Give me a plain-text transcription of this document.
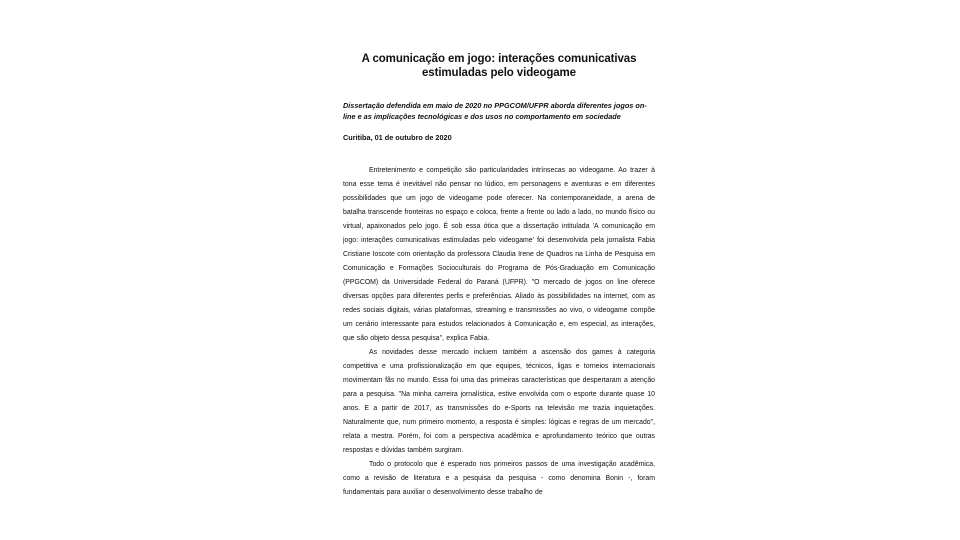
A comunicação em jogo: interações comunicativas estimuladas pelo videogame

Dissertação defendida em maio de 2020 no PPGCOM/UFPR aborda diferentes jogos on-line e as implicações tecnológicas e dos usos no comportamento em sociedade

Curitiba, 01 de outubro de 2020

Entretenimento e competição são particularidades intrínsecas ao videogame. Ao trazer à tona esse tema é inevitável não pensar no lúdico, em personagens e aventuras e em diferentes possibilidades que um jogo de videogame pode oferecer. Na contemporaneidade, a arena de batalha transcende fronteiras no espaço e coloca, frente a frente ou lado a lado, no mundo físico ou virtual, apaixonados pelo jogo. É sob essa ótica que a dissertação intitulada 'A comunicação em jogo: interações comunicativas estimuladas pelo videogame' foi desenvolvida pela jornalista Fabia Cristiane Ioscote com orientação da professora Claudia Irene de Quadros na Linha de Pesquisa em Comunicação e Formações Socioculturais do Programa de Pós-Graduação em Comunicação (PPGCOM) da Universidade Federal do Paraná (UFPR). "O mercado de jogos on line oferece diversas opções para diferentes perfis e preferências. Aliado às possibilidades na internet, com as redes sociais digitais, várias plataformas, streaming e transmissões ao vivo, o videogame compõe um cenário interessante para estudos relacionados à Comunicação e, em especial, as interações, que são objeto dessa pesquisa", explica Fabia.

As novidades desse mercado incluem também a ascensão dos games à categoria competitiva e uma profissionalização em que equipes, técnicos, ligas e torneios internacionais movimentam fãs no mundo. Essa foi uma das primeiras características que despertaram a atenção para a pesquisa. "Na minha carreira jornalística, estive envolvida com o esporte durante quase 10 anos. E a partir de 2017, as transmissões do e-Sports na televisão me trazia inquietações. Naturalmente que, num primeiro momento, a resposta é simples: lógicas e regras de um mercado", relata a mestra. Porém, foi com a perspectiva acadêmica e aprofundamento teórico que outras respostas e dúvidas também surgiram.

Todo o protocolo que é esperado nos primeiros passos de uma investigação acadêmica, como a revisão de literatura e a pesquisa da pesquisa - como denomina Bonin -, foram fundamentais para auxiliar o desenvolvimento desse trabalho de
